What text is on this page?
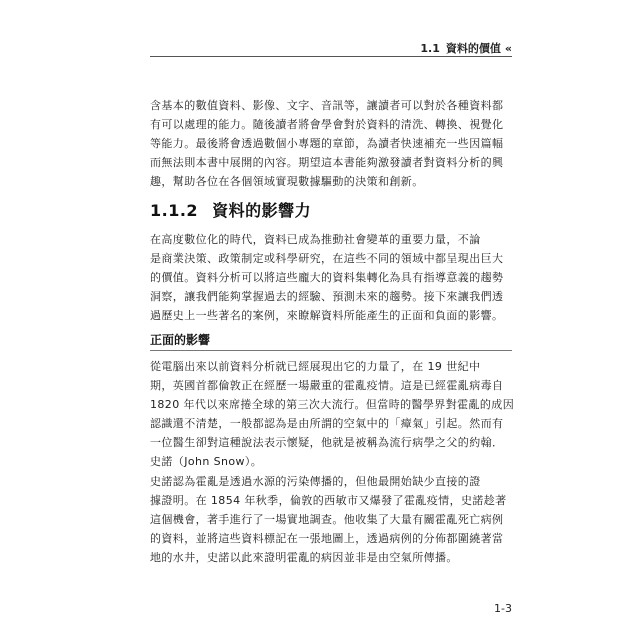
1.1 資料的價值 «
含基本的數值資料、影像、文字、音訊等，讓讀者可以對於各種資料都
有可以處理的能力。隨後讀者將會學會對於資料的清洗、轉換、視覺化
等能力。最後將會透過數個小專題的章節，為讀者快速補充一些因篇幅
而無法則本書中展開的內容。期望這本書能夠激發讀者對資料分析的興
趣，幫助各位在各個領域實現數據驅動的決策和創新。
1.1.2 資料的影響力
在高度數位化的時代，資料已成為推動社會變革的重要力量，不論
是商業決策、政策制定或科學研究，在這些不同的領域中都呈現出巨大
的價值。資料分析可以將這些龐大的資料集轉化為具有指導意義的趨勢
洞察，讓我們能夠掌握過去的經驗、預測未來的趨勢。接下來讓我們透
過歷史上一些著名的案例，來瞭解資料所能產生的正面和負面的影響。
正面的影響
從電腦出來以前資料分析就已經展現出它的力量了，在 19 世紀中
期，英國首都倫敦正在經歷一場嚴重的霍亂疫情。這是已經霍亂病毒自
1820 年代以來席捲全球的第三次大流行。但當時的醫學界對霍亂的成因
認識還不清楚，一般都認為是由所謂的空氣中的「瘴氣」引起。然而有
一位醫生卻對這種說法表示懷疑，他就是被稱為流行病學之父的約翰．
史諾（John Snow）。
史諾認為霍亂是透過水源的污染傳播的，但他最開始缺少直接的證
據證明。在 1854 年秋季，倫敦的西敏市又爆發了霍亂疫情，史諾趁著
這個機會，著手進行了一場實地調查。他收集了大量有關霍亂死亡病例
的資料，並將這些資料標記在一張地圖上，透過病例的分佈都圍繞著當
地的水井，史諾以此來證明霍亂的病因並非是由空氣所傳播。
1-3
